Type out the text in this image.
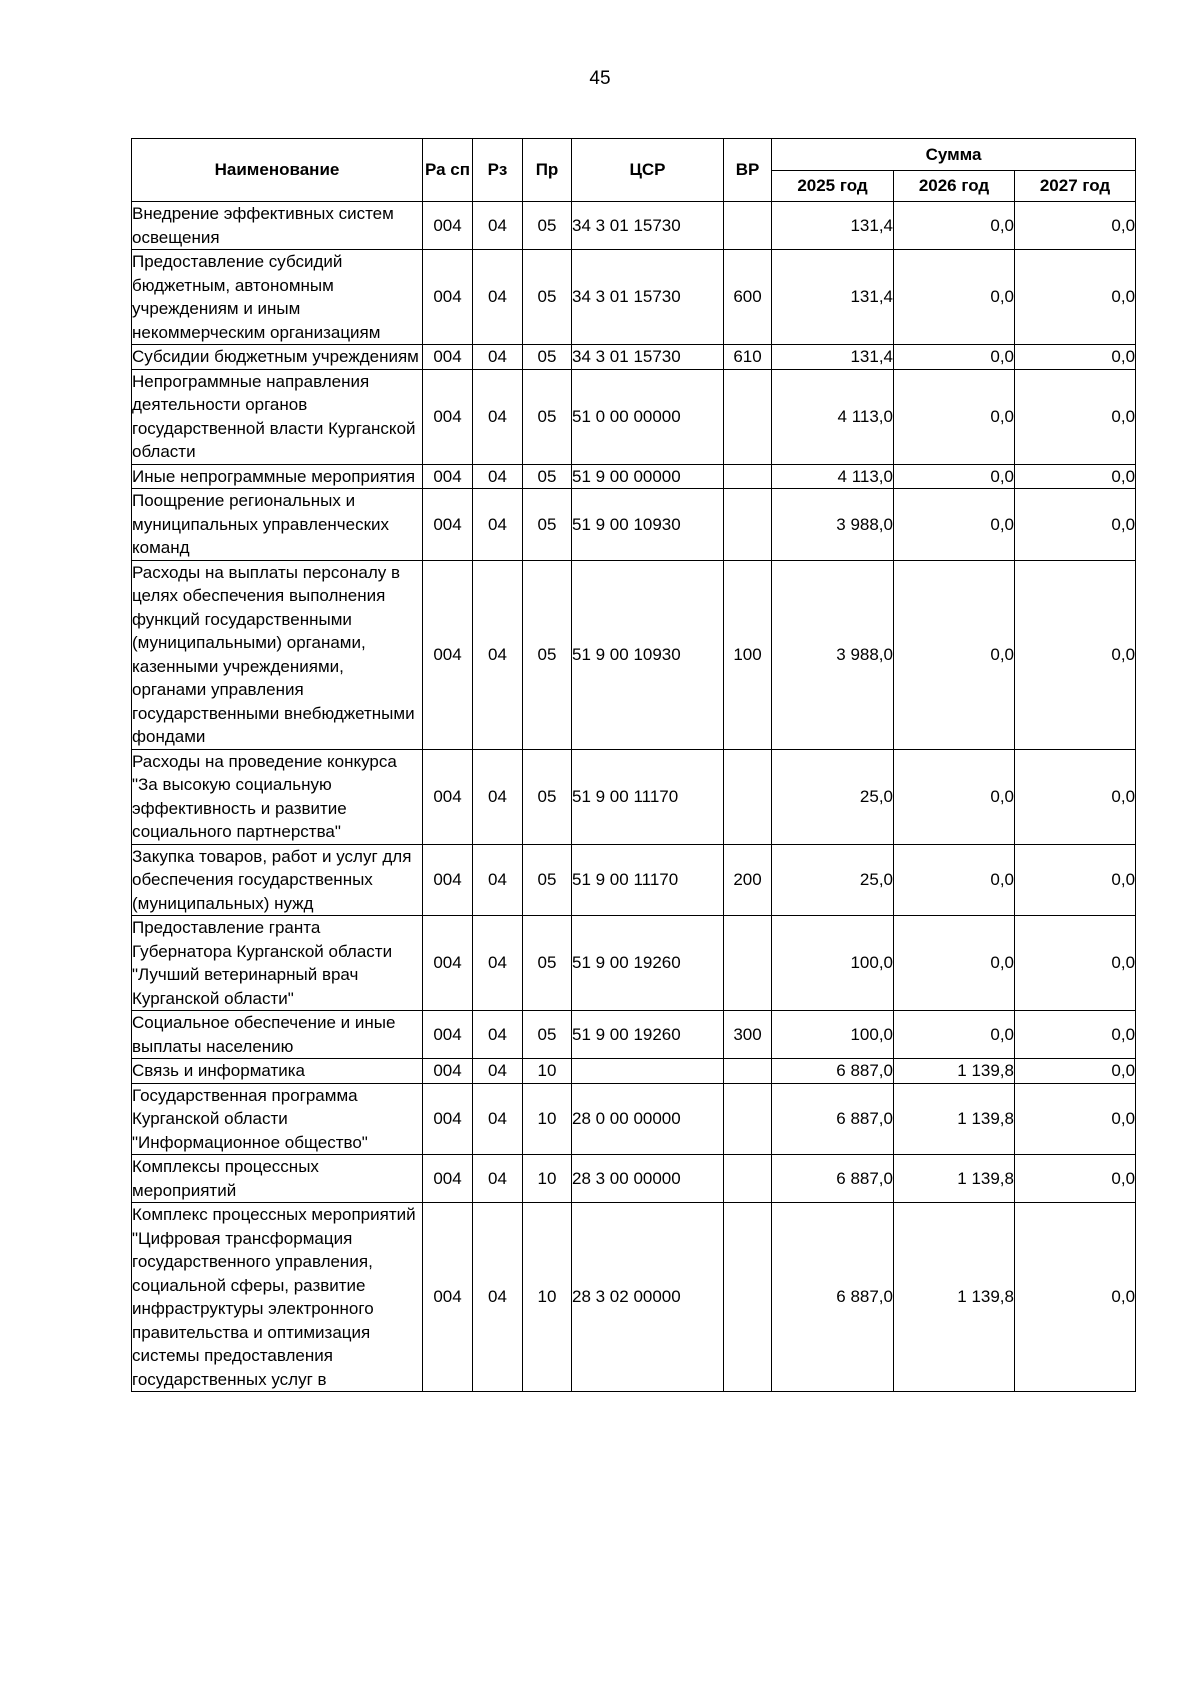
45
Наименование	Ра сп	Рз	Пр	ЦСР	ВР	Сумма		
						2025 год	2026 год	2027 год
Внедрение эффективных систем освещения	004	04	05	34 3 01 15730		131,4	0,0	0,0
Предоставление субсидий бюджетным, автономным учреждениям и иным некоммерческим организациям	004	04	05	34 3 01 15730	600	131,4	0,0	0,0
Субсидии бюджетным учреждениям	004	04	05	34 3 01 15730	610	131,4	0,0	0,0
Непрограммные направления деятельности органов государственной власти Курганской области	004	04	05	51 0 00 00000		4 113,0	0,0	0,0
Иные непрограммные мероприятия	004	04	05	51 9 00 00000		4 113,0	0,0	0,0
Поощрение региональных и муниципальных управленческих команд	004	04	05	51 9 00 10930		3 988,0	0,0	0,0
Расходы на выплаты персоналу в целях обеспечения выполнения функций государственными (муниципальными) органами, казенными учреждениями, органами управления государственными внебюджетными фондами	004	04	05	51 9 00 10930	100	3 988,0	0,0	0,0
Расходы на проведение конкурса "За высокую социальную эффективность и развитие социального партнерства"	004	04	05	51 9 00 11170		25,0	0,0	0,0
Закупка товаров, работ и услуг для обеспечения государственных (муниципальных) нужд	004	04	05	51 9 00 11170	200	25,0	0,0	0,0
Предоставление гранта Губернатора Курганской области "Лучший ветеринарный врач Курганской области"	004	04	05	51 9 00 19260		100,0	0,0	0,0
Социальное обеспечение и иные выплаты населению	004	04	05	51 9 00 19260	300	100,0	0,0	0,0
Связь и информатика	004	04	10			6 887,0	1 139,8	0,0
Государственная программа Курганской области "Информационное общество"	004	04	10	28 0 00 00000		6 887,0	1 139,8	0,0
Комплексы процессных мероприятий	004	04	10	28 3 00 00000		6 887,0	1 139,8	0,0
Комплекс процессных мероприятий "Цифровая трансформация государственного управления, социальной сферы, развитие инфраструктуры электронного правительства и оптимизация системы предоставления государственных услуг в	004	04	10	28 3 02 00000		6 887,0	1 139,8	0,0
